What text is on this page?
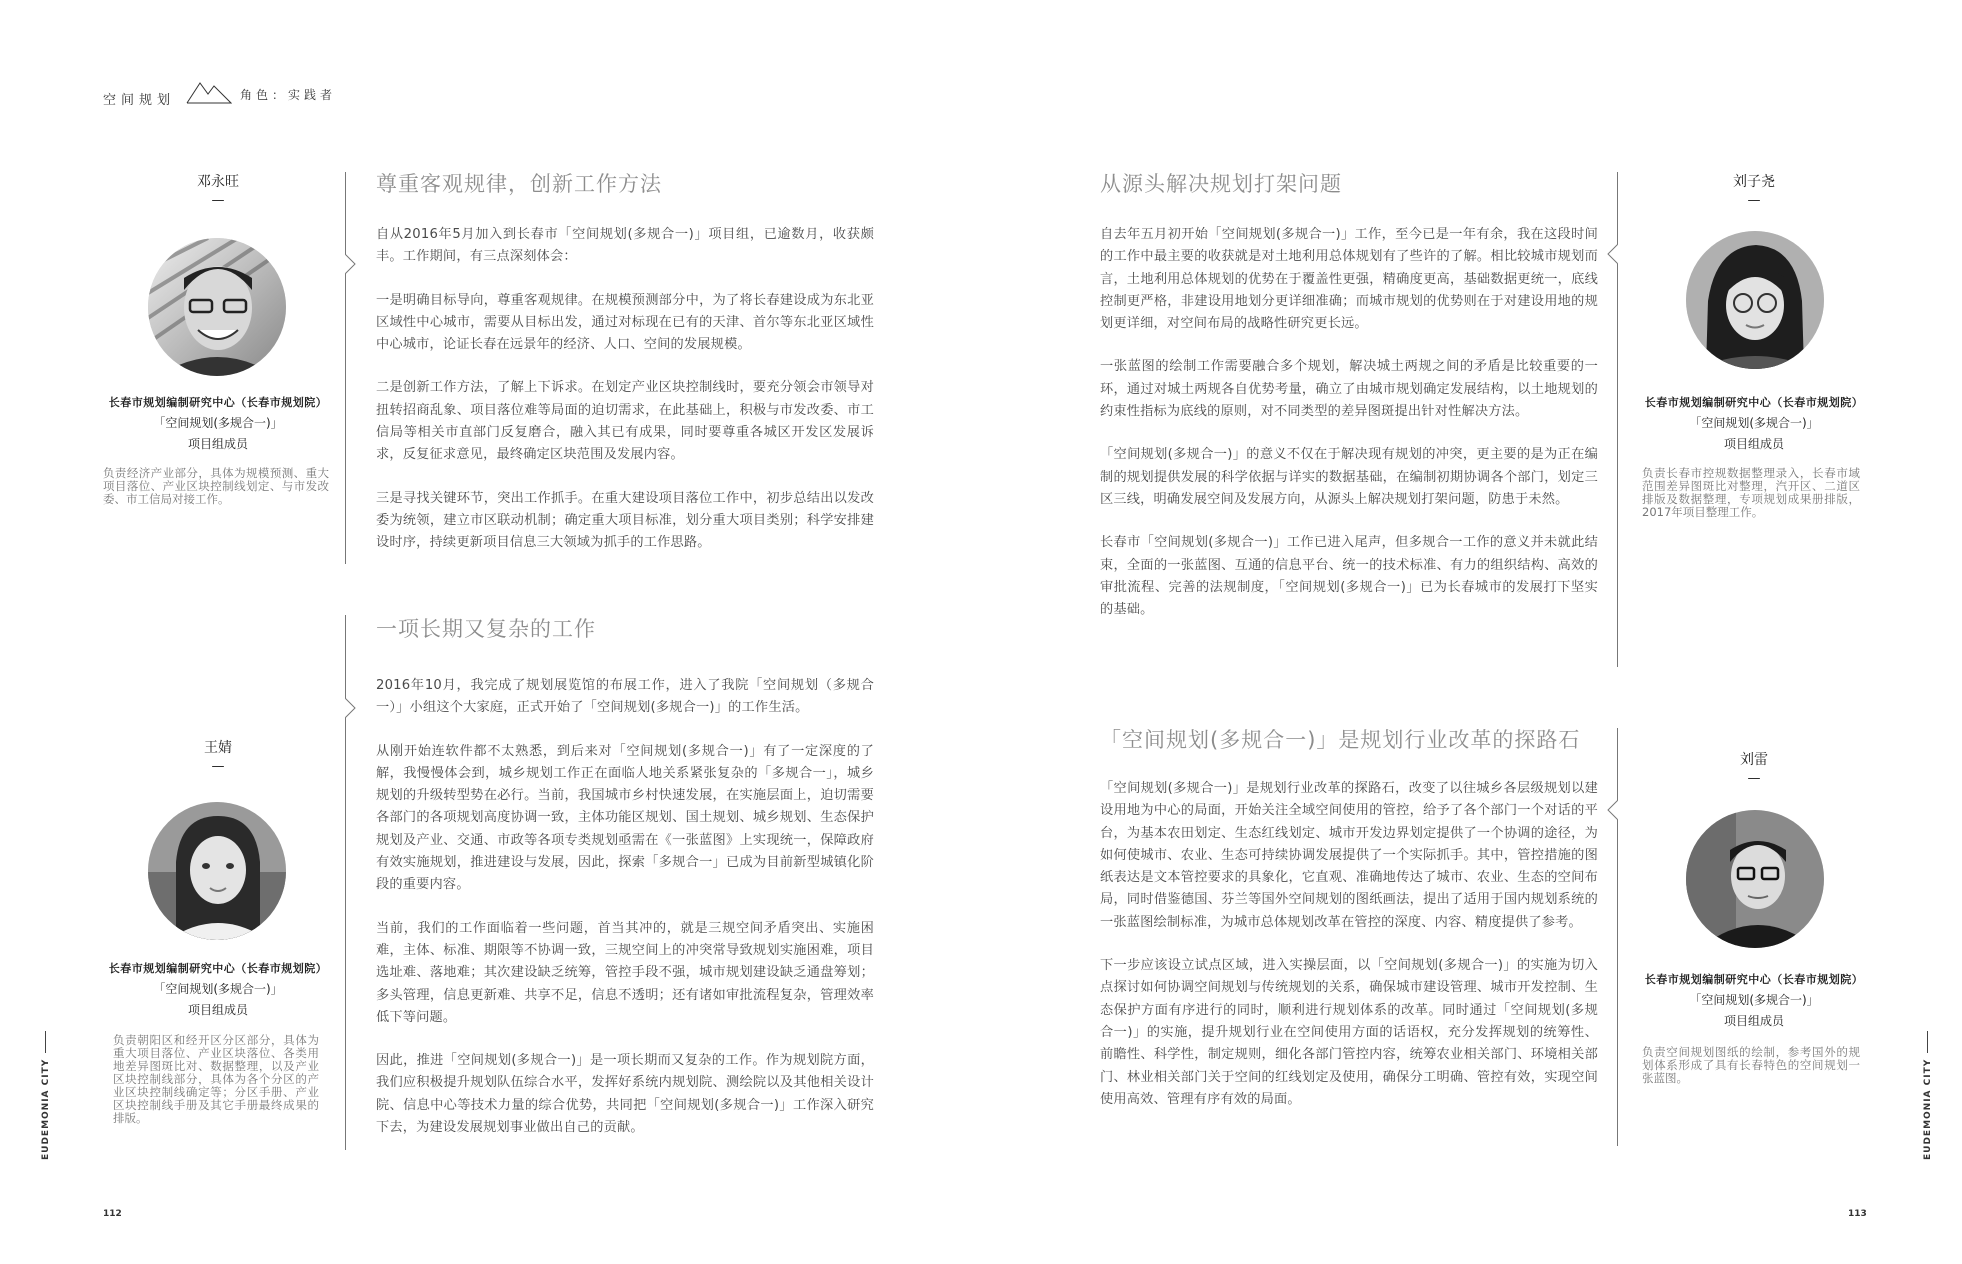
空间规划	角色：实践者
邓永旺
—
长春市规划编制研究中心（长春市规划院）
「空间规划(多规合一)」
项目组成员
负责经济产业部分，具体为规模预测、重大项目落位、产业区块控制线划定、与市发改委、市工信局对接工作。
王婧
—
长春市规划编制研究中心（长春市规划院）
「空间规划(多规合一)」
项目组成员
负责朝阳区和经开区分区部分，具体为重大项目落位、产业区块落位、各类用地差异图斑比对、数据整理，以及产业区块控制线部分，具体为各个分区的产业区块控制线确定等；分区手册、产业区块控制线手册及其它手册最终成果的排版。
尊重客观规律，创新工作方法
自从2016年5月加入到长春市「空间规划(多规合一)」项目组，已逾数月，收获颇丰。工作期间，有三点深刻体会：
一是明确目标导向，尊重客观规律。在规模预测部分中，为了将长春建设成为东北亚区域性中心城市，需要从目标出发，通过对标现在已有的天津、首尔等东北亚区域性中心城市，论证长春在远景年的经济、人口、空间的发展规模。
二是创新工作方法，了解上下诉求。在划定产业区块控制线时，要充分领会市领导对扭转招商乱象、项目落位难等局面的迫切需求，在此基础上，积极与市发改委、市工信局等相关市直部门反复磨合，融入其已有成果，同时要尊重各城区开发区发展诉求，反复征求意见，最终确定区块范围及发展内容。
三是寻找关键环节，突出工作抓手。在重大建设项目落位工作中，初步总结出以发改委为统领，建立市区联动机制；确定重大项目标准，划分重大项目类别；科学安排建设时序，持续更新项目信息三大领域为抓手的工作思路。
一项长期又复杂的工作
2016年10月，我完成了规划展览馆的布展工作，进入了我院「空间规划（多规合一）」小组这个大家庭，正式开始了「空间规划(多规合一)」的工作生活。
从刚开始连软件都不太熟悉，到后来对「空间规划(多规合一)」有了一定深度的了解，我慢慢体会到，城乡规划工作正在面临人地关系紧张复杂的「多规合一」，城乡规划的升级转型势在必行。当前，我国城市乡村快速发展，在实施层面上，迫切需要各部门的各项规划高度协调一致，主体功能区规划、国土规划、城乡规划、生态保护规划及产业、交通、市政等各项专类规划亟需在《一张蓝图》上实现统一，保障政府有效实施规划，推进建设与发展，因此，探索「多规合一」已成为目前新型城镇化阶段的重要内容。
当前，我们的工作面临着一些问题，首当其冲的，就是三规空间矛盾突出、实施困难，主体、标准、期限等不协调一致，三规空间上的冲突常导致规划实施困难，项目选址难、落地难；其次建设缺乏统筹，管控手段不强，城市规划建设缺乏通盘筹划；多头管理，信息更新难、共享不足，信息不透明；还有诸如审批流程复杂，管理效率低下等问题。
因此，推进「空间规划(多规合一)」是一项长期而又复杂的工作。作为规划院方面，我们应积极提升规划队伍综合水平，发挥好系统内规划院、测绘院以及其他相关设计院、信息中心等技术力量的综合优势，共同把「空间规划(多规合一)」工作深入研究下去，为建设发展规划事业做出自己的贡献。
从源头解决规划打架问题
自去年五月初开始「空间规划(多规合一)」工作，至今已是一年有余，我在这段时间的工作中最主要的收获就是对土地利用总体规划有了些许的了解。相比较城市规划而言，土地利用总体规划的优势在于覆盖性更强，精确度更高，基础数据更统一，底线控制更严格，非建设用地划分更详细准确；而城市规划的优势则在于对建设用地的规划更详细，对空间布局的战略性研究更长远。
一张蓝图的绘制工作需要融合多个规划，解决城土两规之间的矛盾是比较重要的一环，通过对城土两规各自优势考量，确立了由城市规划确定发展结构，以土地规划的约束性指标为底线的原则，对不同类型的差异图斑提出针对性解决方法。
「空间规划(多规合一)」的意义不仅在于解决现有规划的冲突，更主要的是为正在编制的规划提供发展的科学依据与详实的数据基础，在编制初期协调各个部门，划定三区三线，明确发展空间及发展方向，从源头上解决规划打架问题，防患于未然。
长春市「空间规划(多规合一)」工作已进入尾声，但多规合一工作的意义并未就此结束，全面的一张蓝图、互通的信息平台、统一的技术标准、有力的组织结构、高效的审批流程、完善的法规制度，「空间规划(多规合一)」已为长春城市的发展打下坚实的基础。
「空间规划(多规合一)」是规划行业改革的探路石
「空间规划(多规合一)」是规划行业改革的探路石，改变了以往城乡各层级规划以建设用地为中心的局面，开始关注全域空间使用的管控，给予了各个部门一个对话的平台，为基本农田划定、生态红线划定、城市开发边界划定提供了一个协调的途径，为如何使城市、农业、生态可持续协调发展提供了一个实际抓手。其中，管控措施的图纸表达是文本管控要求的具象化，它直观、准确地传达了城市、农业、生态的空间布局，同时借鉴德国、芬兰等国外空间规划的图纸画法，提出了适用于国内规划系统的一张蓝图绘制标准，为城市总体规划改革在管控的深度、内容、精度提供了参考。
下一步应该设立试点区域，进入实操层面，以「空间规划(多规合一)」的实施为切入点探讨如何协调空间规划与传统规划的关系，确保城市建设管理、城市开发控制、生态保护方面有序进行的同时，顺利进行规划体系的改革。同时通过「空间规划(多规合一)」的实施，提升规划行业在空间使用方面的话语权，充分发挥规划的统筹性、前瞻性、科学性，制定规则，细化各部门管控内容，统筹农业相关部门、环境相关部门、林业相关部门关于空间的红线划定及使用，确保分工明确、管控有效，实现空间使用高效、管理有序有效的局面。
刘子尧
—
长春市规划编制研究中心（长春市规划院）
「空间规划(多规合一)」
项目组成员
负责长春市控规数据整理录入，长春市域范围差异图斑比对整理，汽开区、二道区排版及数据整理，专项规划成果册排版，2017年项目整理工作。
刘雷
—
长春市规划编制研究中心（长春市规划院）
「空间规划(多规合一)」
项目组成员
负责空间规划图纸的绘制，参考国外的规划体系形成了具有长春特色的空间规划一张蓝图。
EUDEMONIA CITY	EUDEMONIA CITY
112	113
